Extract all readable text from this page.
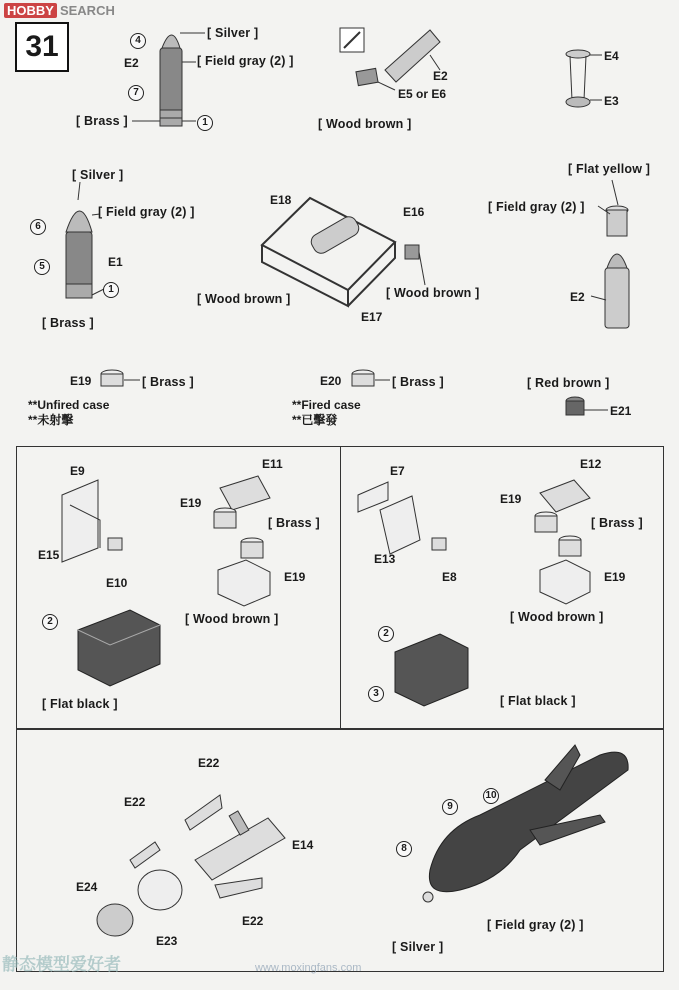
HOBBY SEARCH
31	[ Silver ]
[ Field gray (2) ]
E2
[ Brass ]
4
7
1
E2
E5 or E6
[ Wood brown ]
E4
E3
[ Silver ]
[ Field gray (2) ]
E1
[ Brass ]
6
5
1
E18
E16
E17
[ Wood brown ]	[ Wood brown ]
[ Flat yellow ]
[ Field gray (2) ]
E2
E19	[ Brass ]
**Unfired case
**未射擊
E20	[ Brass ]
**Fired case
**已擊發
[ Red brown ]
E21
E9
E15
E10
E11
E19
E19
[ Brass ]
[ Wood brown ]
[ Flat black ]
2
E7
E13
E8
E12
E19
E19
[ Brass ]
[ Wood brown ]
[ Flat black ]
2
3
E22
E22
E22
E14
E24
E23
8
9
10
[ Silver ]
[ Field gray (2) ]
静态模型爱好者	www.moxingfans.com
